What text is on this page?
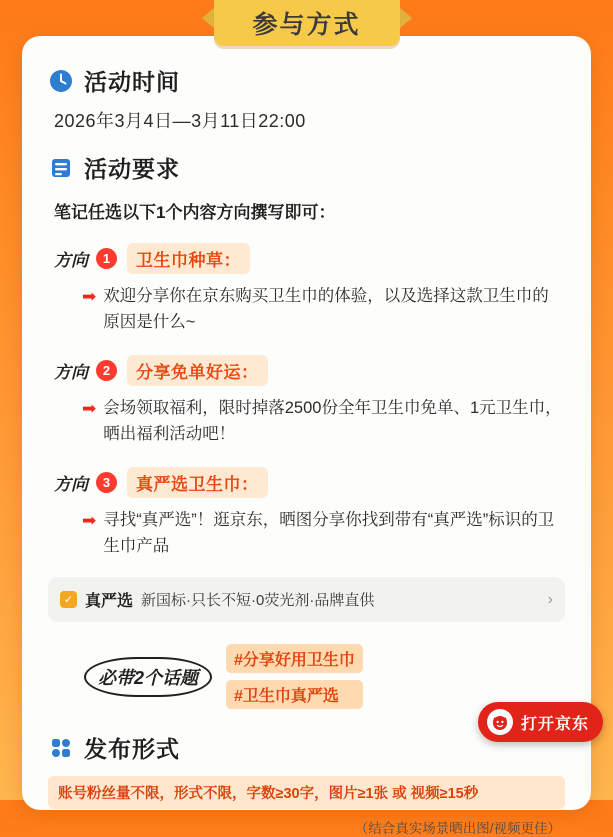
参与方式
活动时间
2026年3月4日—3月11日22:00
活动要求
笔记任选以下1个内容方向撰写即可：
方向	1	卫生巾种草：
➡ 欢迎分享你在京东购买卫生巾的体验，以及选择这款卫生巾的原因是什么~
方向	2	分享免单好运：
➡ 会场领取福利，限时掉落2500份全年卫生巾免单、1元卫生巾，晒出福利活动吧！
方向	3	真严选卫生巾：
➡ 寻找“真严选”！逛京东，晒图分享你找到带有“真严选”标识的卫生巾产品
✓ 真严选 新国标·只长不短·0荧光剂·品牌直供	›
必带2个话题
#分享好用卫生巾
#卫生巾真严选
发布形式
账号粉丝量不限，形式不限，字数≥30字，图片≥1张 或 视频≥15秒
（结合真实场景晒出图/视频更佳）
打开京东
